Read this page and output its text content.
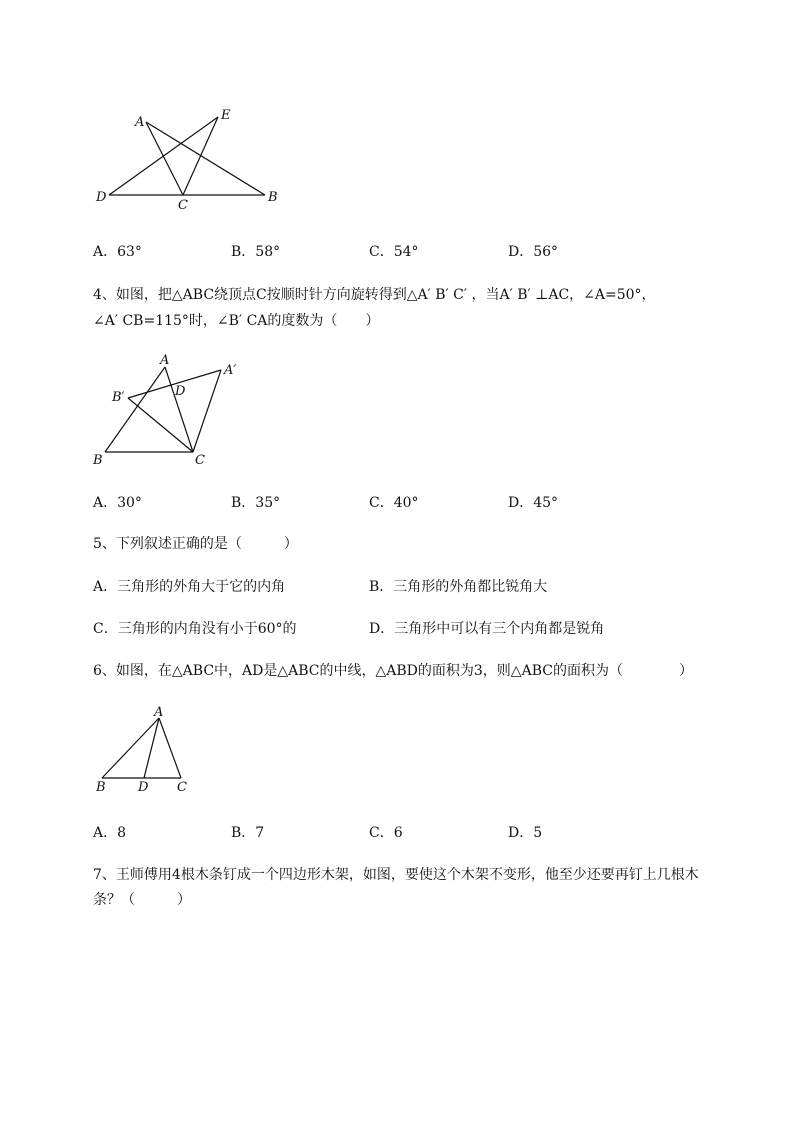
A	E
D
C
B
A
A′
B′	D
B	C
A
B D C
A．63°	B．58°	C．54°	D．56°
4、如图，把△ABC绕顶点C按顺时针方向旋转得到△A′ B′ C′ ，当A′ B′ ⊥AC，∠A=50°，
∠A′ CB=115°时，∠B′ CA的度数为（　　）
A．30°	B．35°	C．40°	D．45°
5、下列叙述正确的是（　　　）
A．三角形的外角大于它的内角	B．三角形的外角都比锐角大
C．三角形的内角没有小于60°的	D．三角形中可以有三个内角都是锐角
6、如图，在△ABC中，AD是△ABC的中线，△ABD的面积为3，则△ABC的面积为（　　　　）
A．8	B．7	C．6	D．5
7、王师傅用4根木条钉成一个四边形木架，如图，要使这个木架不变形，他至少还要再钉上几根木
条？（　　　）
